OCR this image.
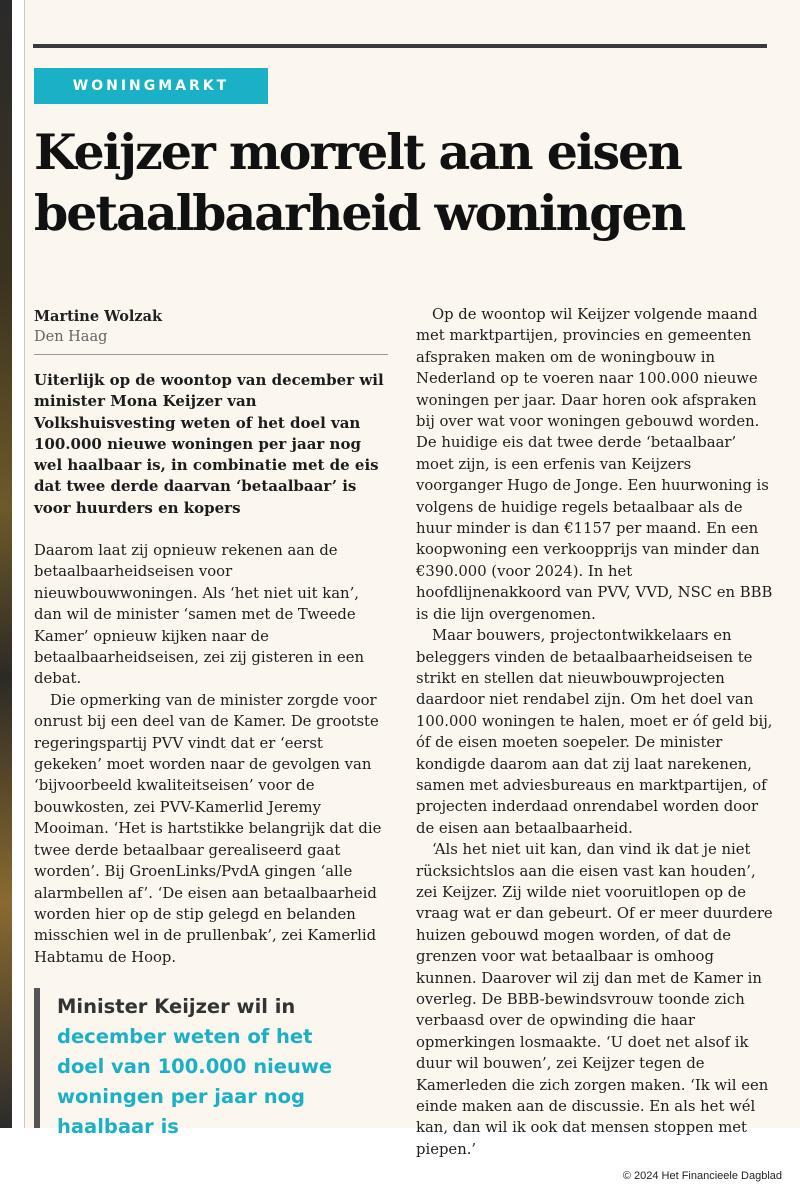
WONINGMARKT
Keijzer morrelt aan eisen betaalbaarheid woningen
Martine Wolzak
Den Haag
Uiterlijk op de woontop van december wil minister Mona Keijzer van Volkshuisvesting weten of het doel van 100.000 nieuwe woningen per jaar nog wel haalbaar is, in combinatie met de eis dat twee derde daarvan ‘betaalbaar’ is voor huurders en kopers

Daarom laat zij opnieuw rekenen aan de betaalbaarheidseisen voor nieuwbouwwoningen. Als ‘het niet uit kan’, dan wil de minister ‘samen met de Tweede Kamer’ opnieuw kijken naar de betaalbaarheidseisen, zei zij gisteren in een debat.

Die opmerking van de minister zorgde voor onrust bij een deel van de Kamer. De grootste regeringspartij PVV vindt dat er ‘eerst gekeken’ moet worden naar de gevolgen van ‘bijvoorbeeld kwaliteitseisen’ voor de bouwkosten, zei PVV-Kamerlid Jeremy Mooiman. ‘Het is hartstikke belangrijk dat die twee derde betaalbaar gerealiseerd gaat worden’. Bij GroenLinks/PvdA gingen ‘alle alarmbellen af’. ‘De eisen aan betaalbaarheid worden hier op de stip gelegd en belanden misschien wel in de prullenbak’, zei Kamerlid Habtamu de Hoop.

Op de woontop wil Keijzer volgende maand met marktpartijen, provincies en gemeenten afspraken maken om de woningbouw in Nederland op te voeren naar 100.000 nieuwe woningen per jaar. Daar horen ook afspraken bij over wat voor woningen gebouwd worden. De huidige eis dat twee derde ‘betaalbaar’ moet zijn, is een erfenis van Keijzers voorganger Hugo de Jonge. Een huurwoning is volgens de huidige regels betaalbaar als de huur minder is dan €1157 per maand. En een koopwoning een verkoopprijs van minder dan €390.000 (voor 2024). In het hoofdlijnenakkoord van PVV, VVD, NSC en BBB is die lijn overgenomen.

Maar bouwers, projectontwikkelaars en beleggers vinden de betaalbaarheidseisen te strikt en stellen dat nieuwbouwprojecten daardoor niet rendabel zijn. Om het doel van 100.000 woningen te halen, moet er óf geld bij, óf de eisen moeten soepeler. De minister kondigde daarom aan dat zij laat narekenen, samen met adviesbureaus en marktpartijen, of projecten inderdaad onrendabel worden door de eisen aan betaalbaarheid.

‘Als het niet uit kan, dan vind ik dat je niet rücksichtslos aan die eisen vast kan houden’, zei Keijzer. Zij wilde niet vooruitlopen op de vraag wat er dan gebeurt. Of er meer duurdere huizen gebouwd mogen worden, of dat de grenzen voor wat betaalbaar is omhoog kunnen. Daarover wil zij dan met de Kamer in overleg. De BBB-bewindsvrouw toonde zich verbaasd over de opwinding die haar opmerkingen losmaakte. ‘U doet net alsof ik duur wil bouwen’, zei Keijzer tegen de Kamerleden die zich zorgen maken. ‘Ik wil een einde maken aan de discussie. En als het wél kan, dan wil ik ook dat mensen stoppen met piepen.’

Minister Keijzer wil in december weten of het doel van 100.000 nieuwe woningen per jaar nog haalbaar is
© 2024 Het Financieele Dagblad
